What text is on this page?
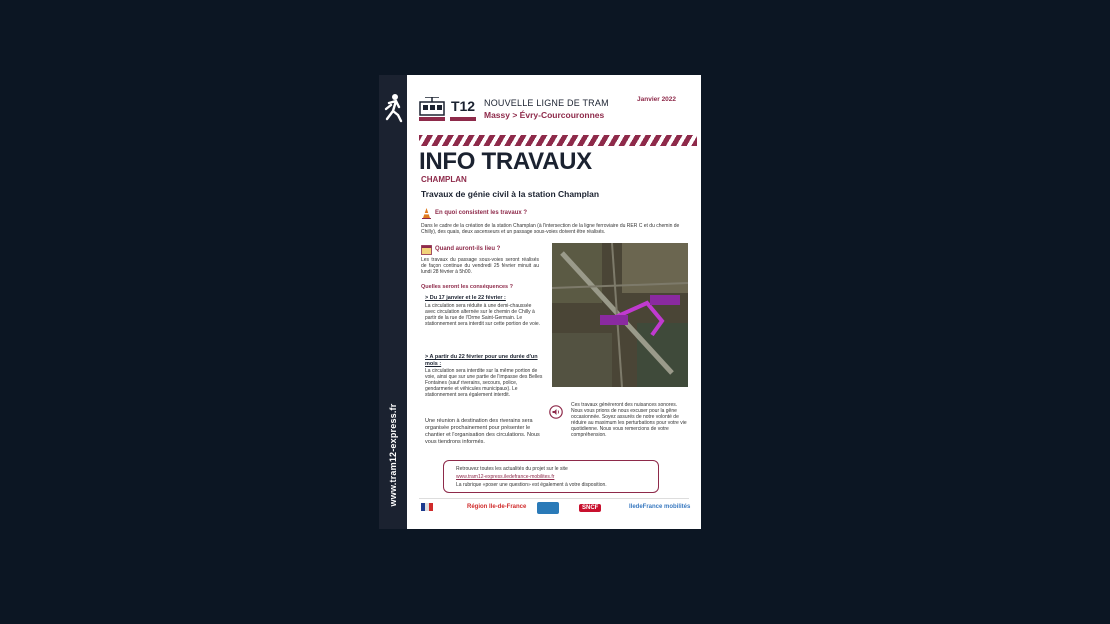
www.tram12-express.fr
T12 NOUVELLE LIGNE DE TRAM
Massy > Évry-Courcouronnes
Janvier 2022
INFO TRAVAUX
CHAMPLAN
Travaux de génie civil à la station Champlan
En quoi consistent les travaux ?
Dans le cadre de la création de la station Champlan (à l'intersection de la ligne ferroviaire du RER C et du chemin de Chilly), des quais, deux ascenseurs et un passage sous-voies doivent être réalisés.
Quand auront-ils lieu ?
Les travaux du passage sous-voies seront réalisés de façon continue du vendredi 25 février minuit au lundi 28 février à 5h00.
Quelles seront les conséquences ?
> Du 17 janvier et le 22 février :
La circulation sera réduite à une demi-chaussée avec circulation alternée sur le chemin de Chilly à partir de la rue de l'Orme Saint-Germain. Le stationnement sera interdit sur cette portion de voie.
> A partir du 22 février pour une durée d'un mois :
La circulation sera interdite sur la même portion de voie, ainsi que sur une partie de l'impasse des Belles Fontaines (sauf riverains, secours, police, gendarmerie et véhicules municipaux). Le stationnement sera également interdit.
Une réunion à destination des riverains sera organisée prochainement pour présenter le chantier et l'organisation des circulations. Nous vous tiendrons informés.
Ces travaux généreront des nuisances sonores. Nous vous prions de nous excuser pour la gêne occasionnée. Soyez assurés de notre volonté de réduire au maximum les perturbations pour votre vie quotidienne. Nous vous remercions de votre compréhension.
Retrouvez toutes les actualités du projet sur le site
www.tram12-express.iledefrance-mobilites.fr
La rubrique «poser une question» est également à votre disposition.
Région Ile-de-France	SNCF	IledeFrance mobilités
